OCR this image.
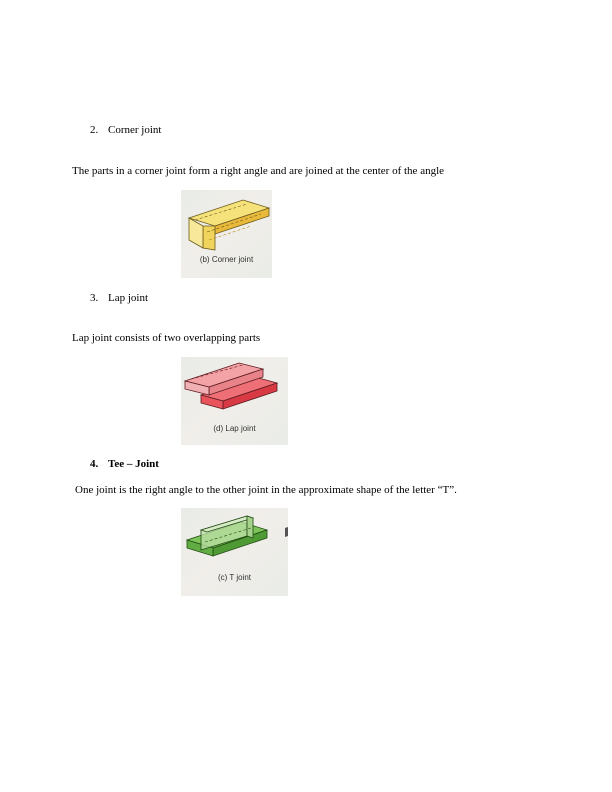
2. Corner joint
The parts in a corner joint form a right angle and are joined at the center of the angle
(b) Corner joint
3. Lap joint
Lap joint consists of two overlapping parts
(d) Lap joint
4. Tee – Joint
One joint is the right angle to the other joint in the approximate shape of the letter “T”.
(c) T joint
